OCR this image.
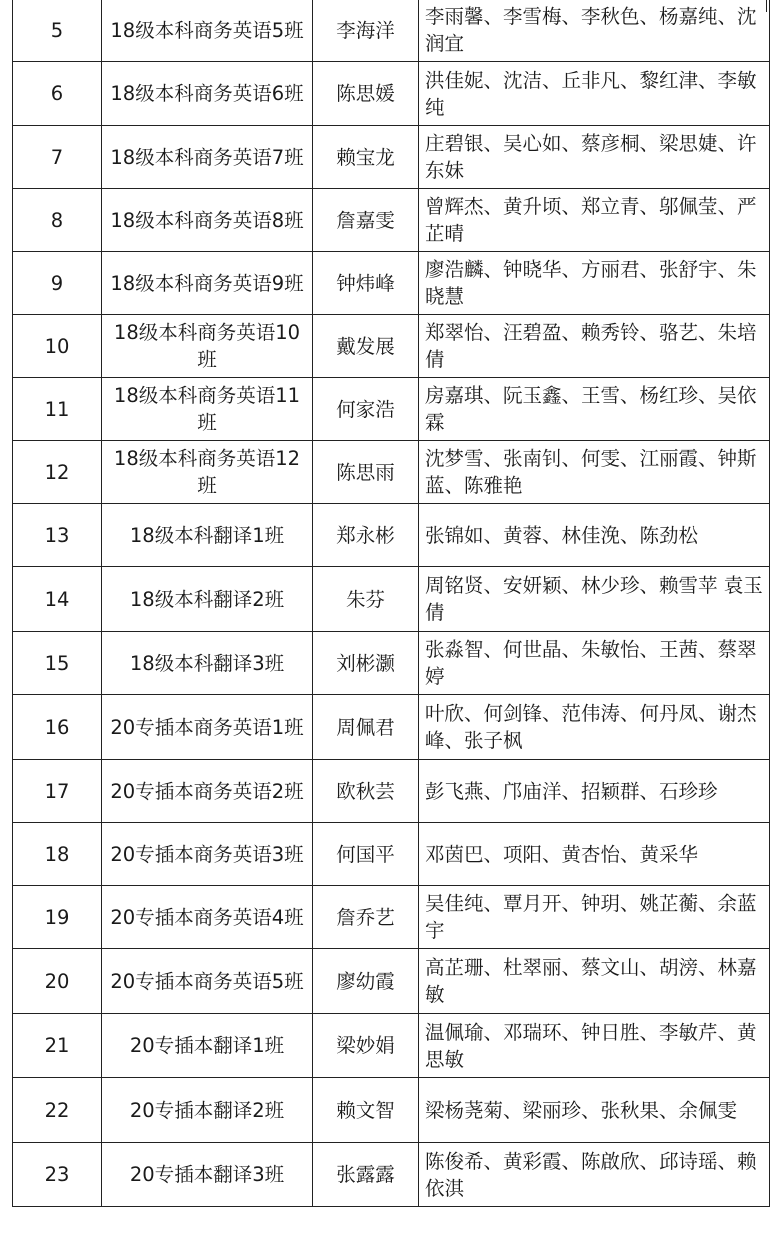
5	18级本科商务英语5班	李海洋	李雨馨、李雪梅、李秋色、杨嘉纯、沈润宜
6	18级本科商务英语6班	陈思媛	洪佳妮、沈洁、丘非凡、黎红津、李敏纯
7	18级本科商务英语7班	赖宝龙	庄碧银、吴心如、蔡彦桐、梁思婕、许东妹
8	18级本科商务英语8班	詹嘉雯	曾辉杰、黄升顷、郑立青、邬佩莹、严芷晴
9	18级本科商务英语9班	钟炜峰	廖浩麟、钟晓华、方丽君、张舒宇、朱晓慧
10	18级本科商务英语10班	戴发展	郑翠怡、汪碧盈、赖秀铃、骆艺、朱培倩
11	18级本科商务英语11班	何家浩	房嘉琪、阮玉鑫、王雪、杨红珍、吴依霖
12	18级本科商务英语12班	陈思雨	沈梦雪、张南钊、何雯、江丽霞、钟斯蓝、陈雅艳
13	18级本科翻译1班	郑永彬	张锦如、黄蓉、林佳浼、陈劲松
14	18级本科翻译2班	朱芬	周铭贤、安妍颖、林少珍、赖雪苹 袁玉倩
15	18级本科翻译3班	刘彬灏	张淼智、何世晶、朱敏怡、王茜、蔡翠婷
16	20专插本商务英语1班	周佩君	叶欣、何剑锋、范伟涛、何丹凤、谢杰峰、张子枫
17	20专插本商务英语2班	欧秋芸	彭飞燕、邝庙洋、招颖群、石珍珍
18	20专插本商务英语3班	何国平	邓茵巴、项阳、黄杏怡、黄采华
19	20专插本商务英语4班	詹乔艺	吴佳纯、覃月开、钟玥、姚芷蘅、余蓝宇
20	20专插本商务英语5班	廖幼霞	高芷珊、杜翠丽、蔡文山、胡滂、林嘉敏
21	20专插本翻译1班	梁妙娟	温佩瑜、邓瑞环、钟日胜、李敏芹、黄思敏
22	20专插本翻译2班	赖文智	梁杨荛菊、梁丽珍、张秋果、余佩雯
23	20专插本翻译3班	张露露	陈俊希、黄彩霞、陈啟欣、邱诗瑶、赖依淇
